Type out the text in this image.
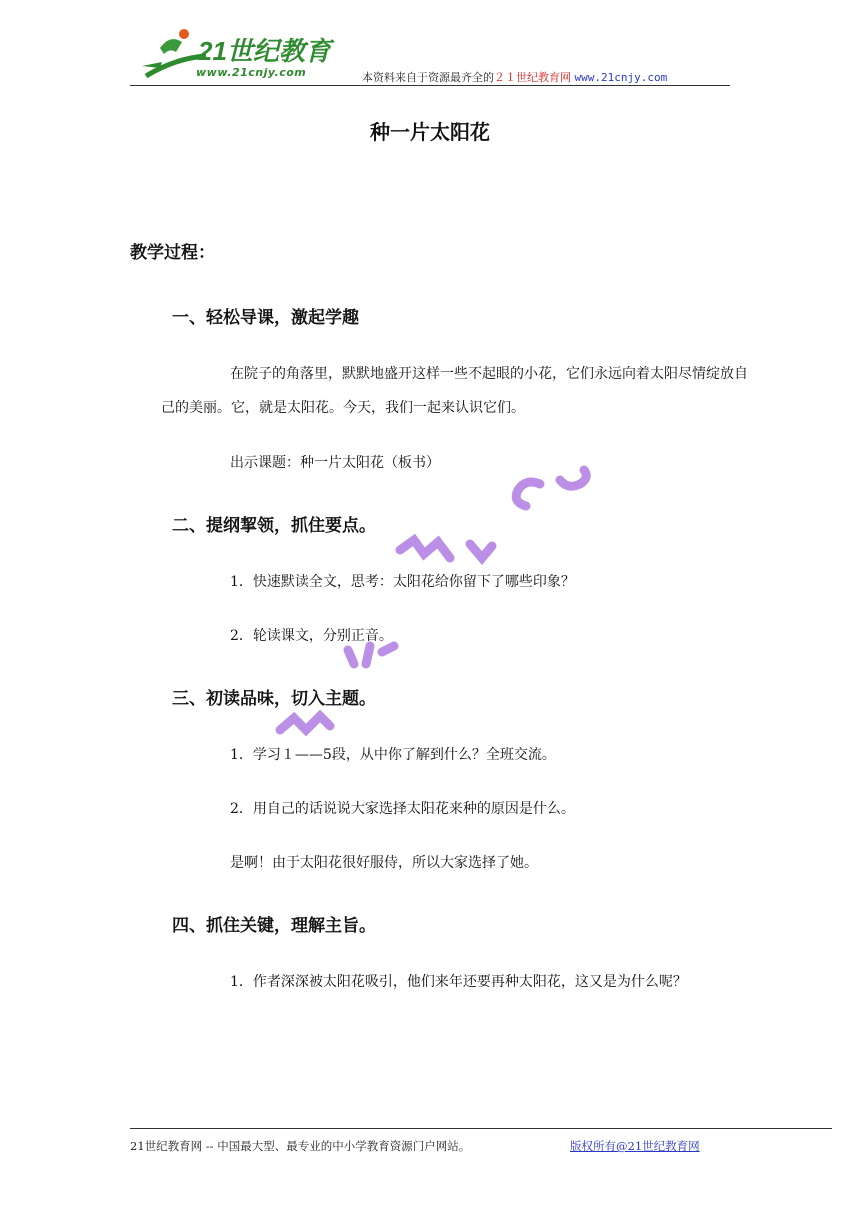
21世纪教育
www.21cnjy.com	本资料来自于资源最齐全的２１世纪教育网 www.21cnjy.com
种一片太阳花
教学过程：
一、轻松导课，激起学趣
在院子的角落里，默默地盛开这样一些不起眼的小花，它们永远向着太阳尽情绽放自己的美丽。它，就是太阳花。今天，我们一起来认识它们。
出示课题：种一片太阳花（板书）
二、提纲挈领，抓住要点。
1．快速默读全文，思考：太阳花给你留下了哪些印象？
2．轮读课文，分别正音。
三、初读品味，切入主题。
1．学习１——5段，从中你了解到什么？全班交流。
2．用自己的话说说大家选择太阳花来种的原因是什么。
是啊！由于太阳花很好服侍，所以大家选择了她。
四、抓住关键，理解主旨。
1．作者深深被太阳花吸引，他们来年还要再种太阳花，这又是为什么呢？
21世纪教育网 -- 中国最大型、最专业的中小学教育资源门户网站。	版权所有@21世纪教育网
